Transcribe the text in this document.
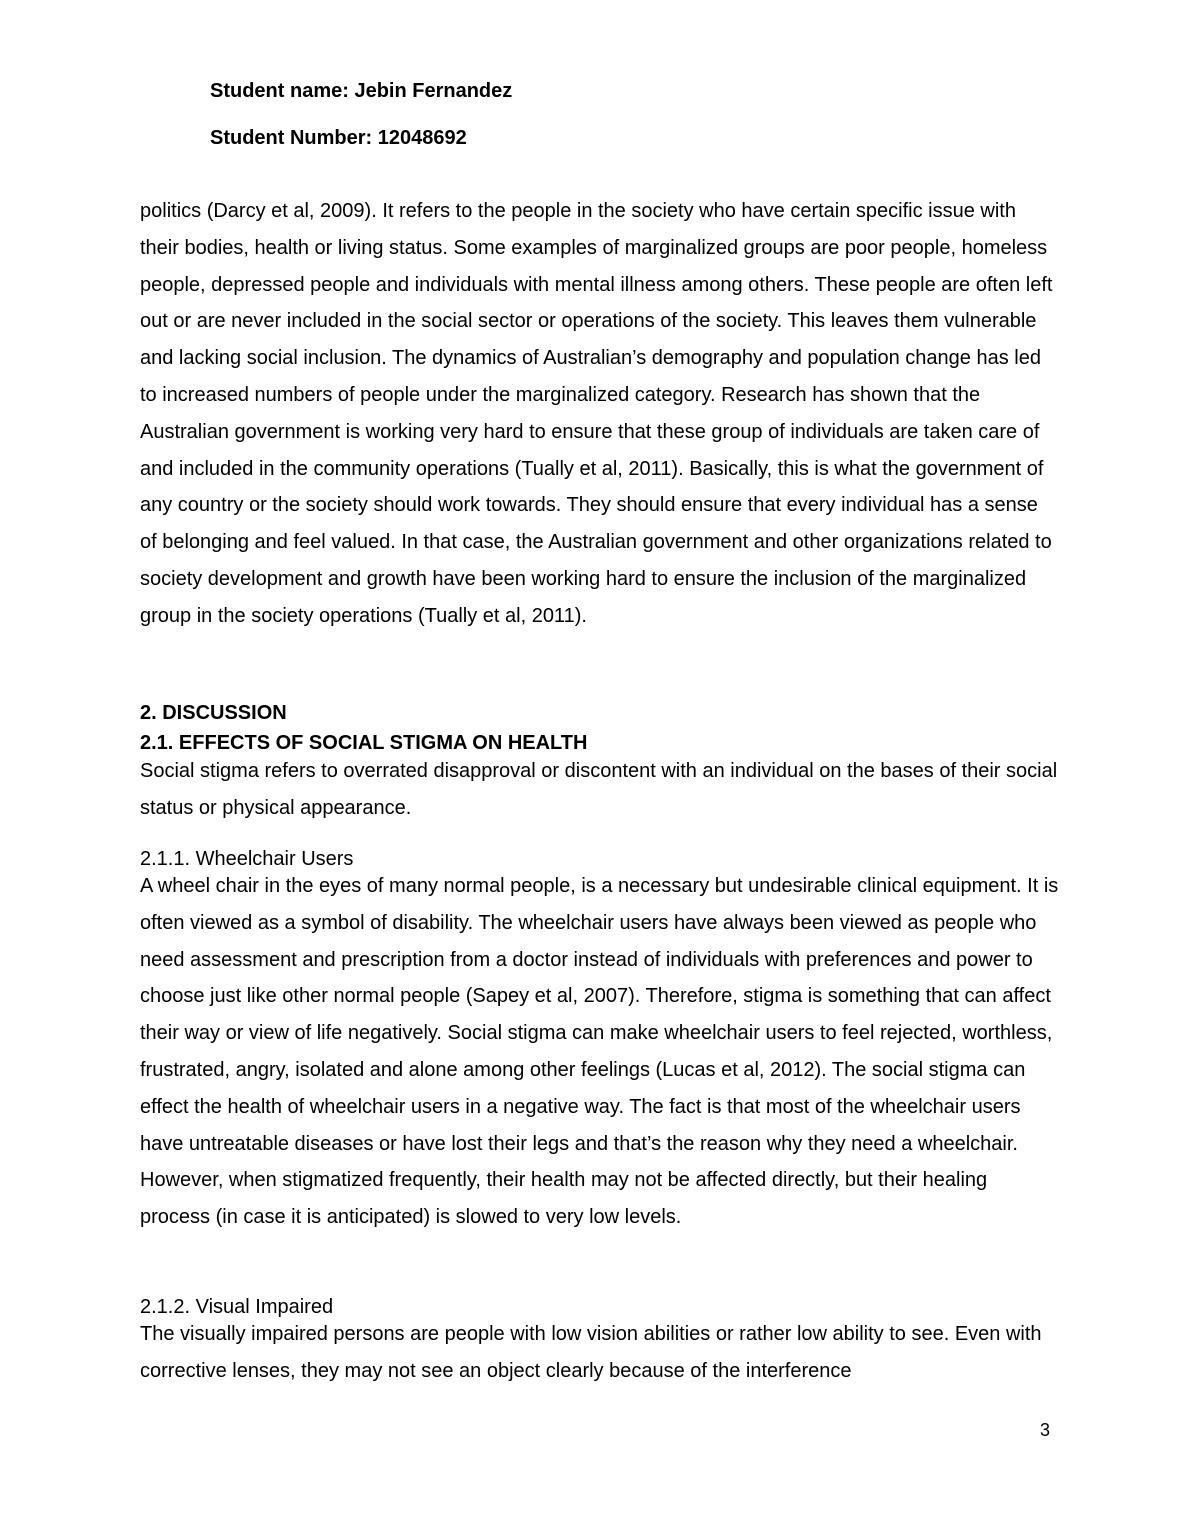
Student name: Jebin Fernandez
Student Number: 12048692

politics (Darcy et al, 2009). It refers to the people in the society who have certain specific issue with their bodies, health or living status. Some examples of marginalized groups are poor people, homeless people, depressed people and individuals with mental illness among others. These people are often left out or are never included in the social sector or operations of the society. This leaves them vulnerable and lacking social inclusion. The dynamics of Australian’s demography and population change has led to increased numbers of people under the marginalized category. Research has shown that the Australian government is working very hard to ensure that these group of individuals are taken care of and included in the community operations (Tually et al, 2011). Basically, this is what the government of any country or the society should work towards. They should ensure that every individual has a sense of belonging and feel valued. In that case, the Australian government and other organizations related to society development and growth have been working hard to ensure the inclusion of the marginalized group in the society operations (Tually et al, 2011).

2. DISCUSSION
2.1. EFFECTS OF SOCIAL STIGMA ON HEALTH

Social stigma refers to overrated disapproval or discontent with an individual on the bases of their social status or physical appearance.

2.1.1. Wheelchair Users

A wheel chair in the eyes of many normal people, is a necessary but undesirable clinical equipment. It is often viewed as a symbol of disability. The wheelchair users have always been viewed as people who need assessment and prescription from a doctor instead of individuals with preferences and power to choose just like other normal people (Sapey et al, 2007). Therefore, stigma is something that can affect their way or view of life negatively. Social stigma can make wheelchair users to feel rejected, worthless, frustrated, angry, isolated and alone among other feelings (Lucas et al, 2012). The social stigma can effect the health of wheelchair users in a negative way. The fact is that most of the wheelchair users have untreatable diseases or have lost their legs and that’s the reason why they need a wheelchair. However, when stigmatized frequently, their health may not be affected directly, but their healing process (in case it is anticipated) is slowed to very low levels.

2.1.2. Visual Impaired

The visually impaired persons are people with low vision abilities or rather low ability to see. Even with corrective lenses, they may not see an object clearly because of the interference

3
